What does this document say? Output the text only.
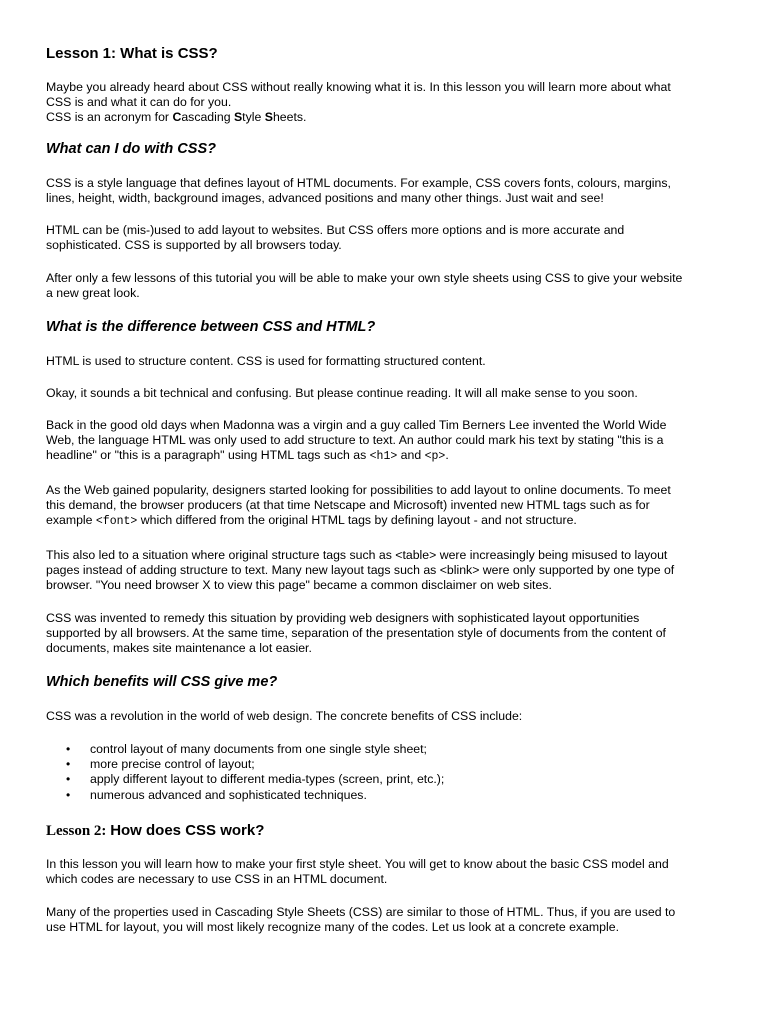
Lesson 1: What is CSS?

Maybe you already heard about CSS without really knowing what it is. In this lesson you will learn more about what
CSS is and what it can do for you.
CSS is an acronym for Cascading Style Sheets.

What can I do with CSS?

CSS is a style language that defines layout of HTML documents. For example, CSS covers fonts, colours, margins,
lines, height, width, background images, advanced positions and many other things. Just wait and see!

HTML can be (mis-)used to add layout to websites. But CSS offers more options and is more accurate and
sophisticated. CSS is supported by all browsers today.

After only a few lessons of this tutorial you will be able to make your own style sheets using CSS to give your website
a new great look.

What is the difference between CSS and HTML?

HTML is used to structure content. CSS is used for formatting structured content.

Okay, it sounds a bit technical and confusing. But please continue reading. It will all make sense to you soon.

Back in the good old days when Madonna was a virgin and a guy called Tim Berners Lee invented the World Wide
Web, the language HTML was only used to add structure to text. An author could mark his text by stating "this is a
headline" or "this is a paragraph" using HTML tags such as <h1> and <p>.

As the Web gained popularity, designers started looking for possibilities to add layout to online documents. To meet
this demand, the browser producers (at that time Netscape and Microsoft) invented new HTML tags such as for
example <font> which differed from the original HTML tags by defining layout - and not structure.

This also led to a situation where original structure tags such as <table> were increasingly being misused to layout
pages instead of adding structure to text. Many new layout tags such as <blink> were only supported by one type of
browser. "You need browser X to view this page" became a common disclaimer on web sites.

CSS was invented to remedy this situation by providing web designers with sophisticated layout opportunities
supported by all browsers. At the same time, separation of the presentation style of documents from the content of
documents, makes site maintenance a lot easier.

Which benefits will CSS give me?

CSS was a revolution in the world of web design. The concrete benefits of CSS include:

• control layout of many documents from one single style sheet;
• more precise control of layout;
• apply different layout to different media-types (screen, print, etc.);
• numerous advanced and sophisticated techniques.
Lesson 2: How does CSS work?

In this lesson you will learn how to make your first style sheet. You will get to know about the basic CSS model and
which codes are necessary to use CSS in an HTML document.

Many of the properties used in Cascading Style Sheets (CSS) are similar to those of HTML. Thus, if you are used to
use HTML for layout, you will most likely recognize many of the codes. Let us look at a concrete example.
